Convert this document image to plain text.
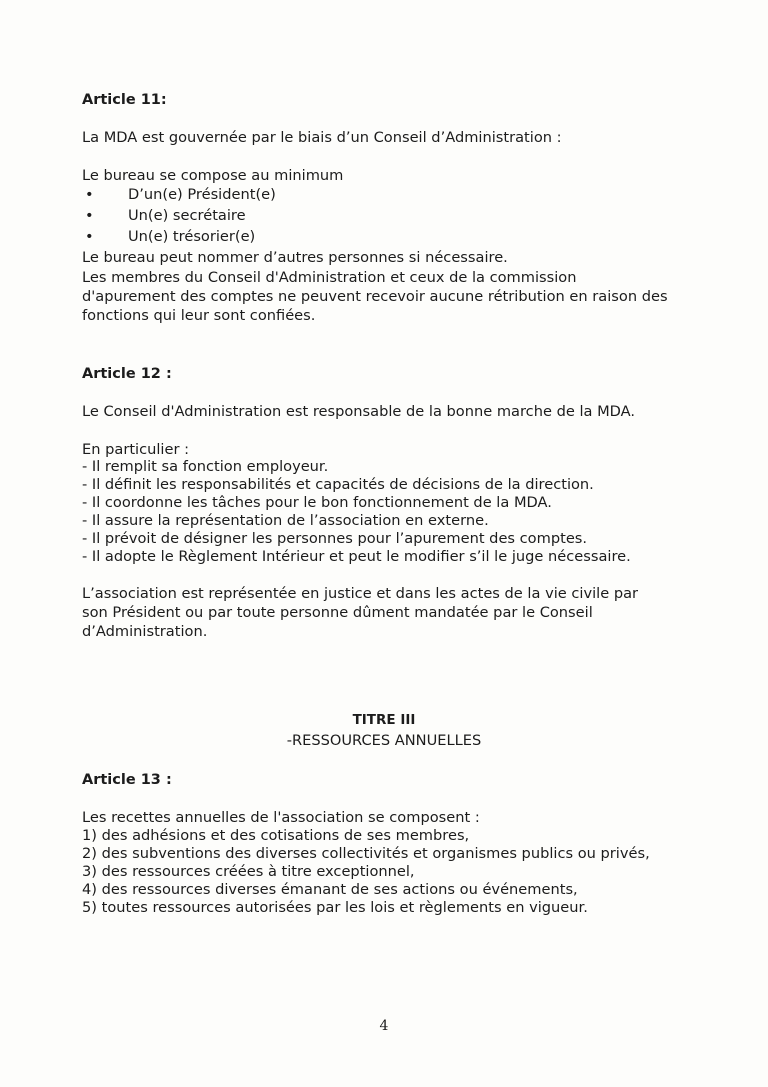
Article 11:
La MDA est gouvernée par le biais d’un Conseil d’Administration :
Le bureau se compose au minimum
• D’un(e) Président(e)
• Un(e) secrétaire
• Un(e) trésorier(e)
Le bureau peut nommer d’autres personnes si nécessaire.
Les membres du Conseil d'Administration et ceux de la commission
d'apurement des comptes ne peuvent recevoir aucune rétribution en raison des
fonctions qui leur sont confiées.
Article 12 :
Le Conseil d'Administration est responsable de la bonne marche de la MDA.
En particulier :
- Il remplit sa fonction employeur.
- Il définit les responsabilités et capacités de décisions de la direction.
- Il coordonne les tâches pour le bon fonctionnement de la MDA.
- Il assure la représentation de l’association en externe.
- Il prévoit de désigner les personnes pour l’apurement des comptes.
- Il adopte le Règlement Intérieur et peut le modifier s’il le juge nécessaire.
L’association est représentée en justice et dans les actes de la vie civile par
son Président ou par toute personne dûment mandatée par le Conseil
d’Administration.
TITRE III
-RESSOURCES ANNUELLES
Article 13 :
Les recettes annuelles de l'association se composent :
1) des adhésions et des cotisations de ses membres,
2) des subventions des diverses collectivités et organismes publics ou privés,
3) des ressources créées à titre exceptionnel,
4) des ressources diverses émanant de ses actions ou événements,
5) toutes ressources autorisées par les lois et règlements en vigueur.
4
